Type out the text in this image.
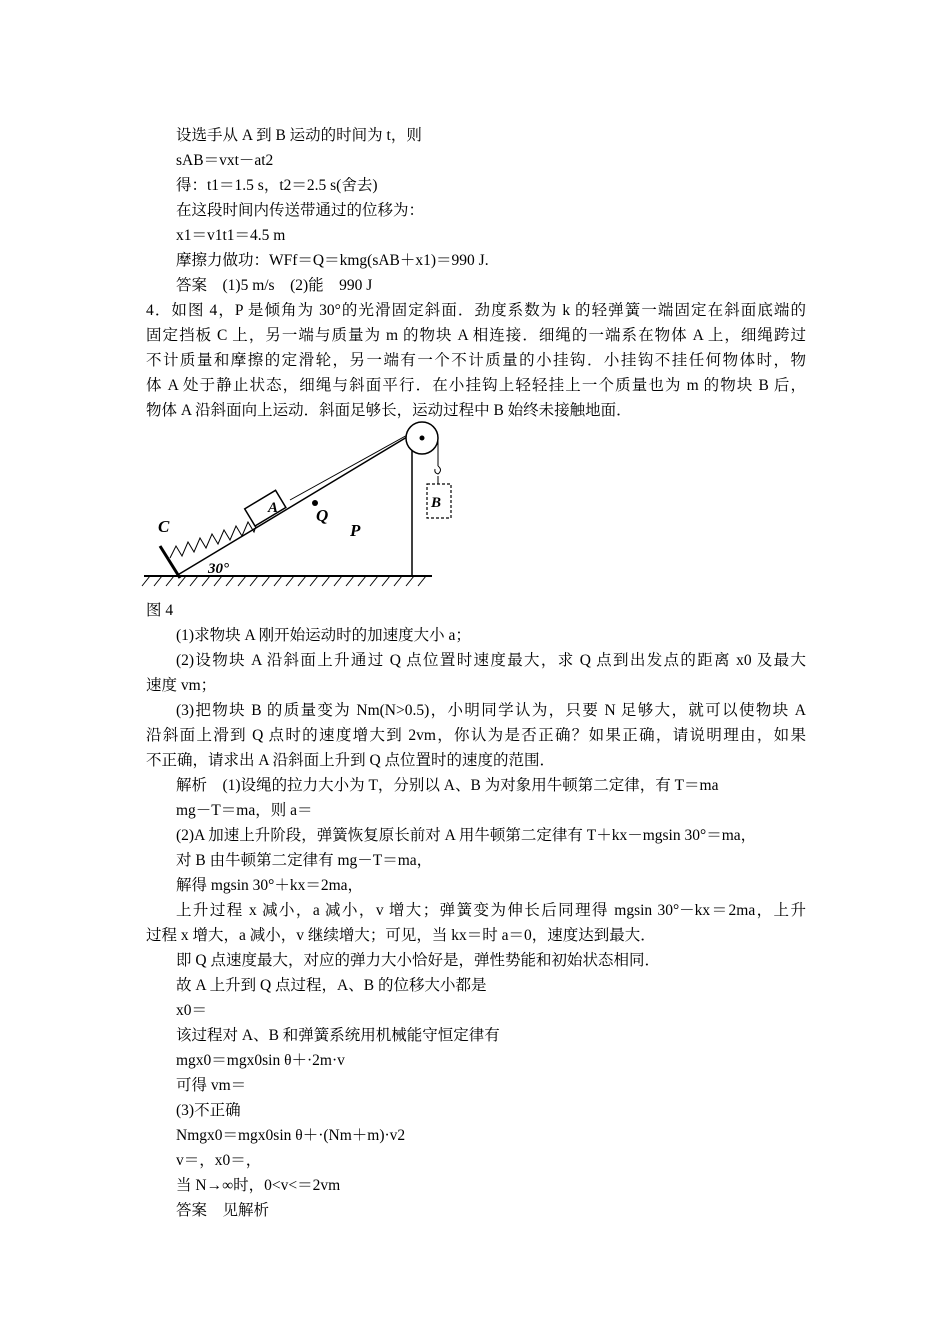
设选手从 A 到 B 运动的时间为 t，则
sAB＝vxt－at2
得：t1＝1.5 s，t2＝2.5 s(舍去)
在这段时间内传送带通过的位移为：
x1＝v1t1＝4.5 m
摩擦力做功：WFf＝Q＝kmg(sAB＋x1)＝990 J.
答案　(1)5 m/s　(2)能　990 J
4．如图 4，P 是倾角为 30°的光滑固定斜面．劲度系数为 k 的轻弹簧一端固定在斜面底端的
固定挡板 C 上，另一端与质量为 m 的物块 A 相连接．细绳的一端系在物体 A 上，细绳跨过
不计质量和摩擦的定滑轮，另一端有一个不计质量的小挂钩．小挂钩不挂任何物体时，物
体 A 处于静止状态，细绳与斜面平行．在小挂钩上轻轻挂上一个质量也为 m 的物块 B 后，
物体 A 沿斜面向上运动．斜面足够长，运动过程中 B 始终未接触地面．
C
A Q
P
B
30°
图 4
(1)求物块 A 刚开始运动时的加速度大小 a；
(2)设物块 A 沿斜面上升通过 Q 点位置时速度最大，求 Q 点到出发点的距离 x0 及最大
速度 vm；
(3)把物块 B 的质量变为 Nm(N>0.5)，小明同学认为，只要 N 足够大，就可以使物块 A
沿斜面上滑到 Q 点时的速度增大到 2vm，你认为是否正确？如果正确，请说明理由，如果
不正确，请求出 A 沿斜面上升到 Q 点位置时的速度的范围．
解析　(1)设绳的拉力大小为 T，分别以 A、B 为对象用牛顿第二定律，有 T＝ma
mg－T＝ma，则 a＝
(2)A 加速上升阶段，弹簧恢复原长前对 A 用牛顿第二定律有 T＋kx－mgsin 30°＝ma，
对 B 由牛顿第二定律有 mg－T＝ma，
解得 mgsin 30°＋kx＝2ma，
上升过程 x 减小，a 减小，v 增大；弹簧变为伸长后同理得 mgsin 30°－kx＝2ma，上升
过程 x 增大，a 减小，v 继续增大；可见，当 kx＝时 a＝0，速度达到最大．
即 Q 点速度最大，对应的弹力大小恰好是，弹性势能和初始状态相同．
故 A 上升到 Q 点过程，A、B 的位移大小都是
x0＝
该过程对 A、B 和弹簧系统用机械能守恒定律有
mgx0＝mgx0sin θ＋·2m·v
可得 vm＝
(3)不正确
Nmgx0＝mgx0sin θ＋·(Nm＋m)·v2
v＝，x0＝，
当 N→∞时，0<v<＝2vm
答案　见解析
